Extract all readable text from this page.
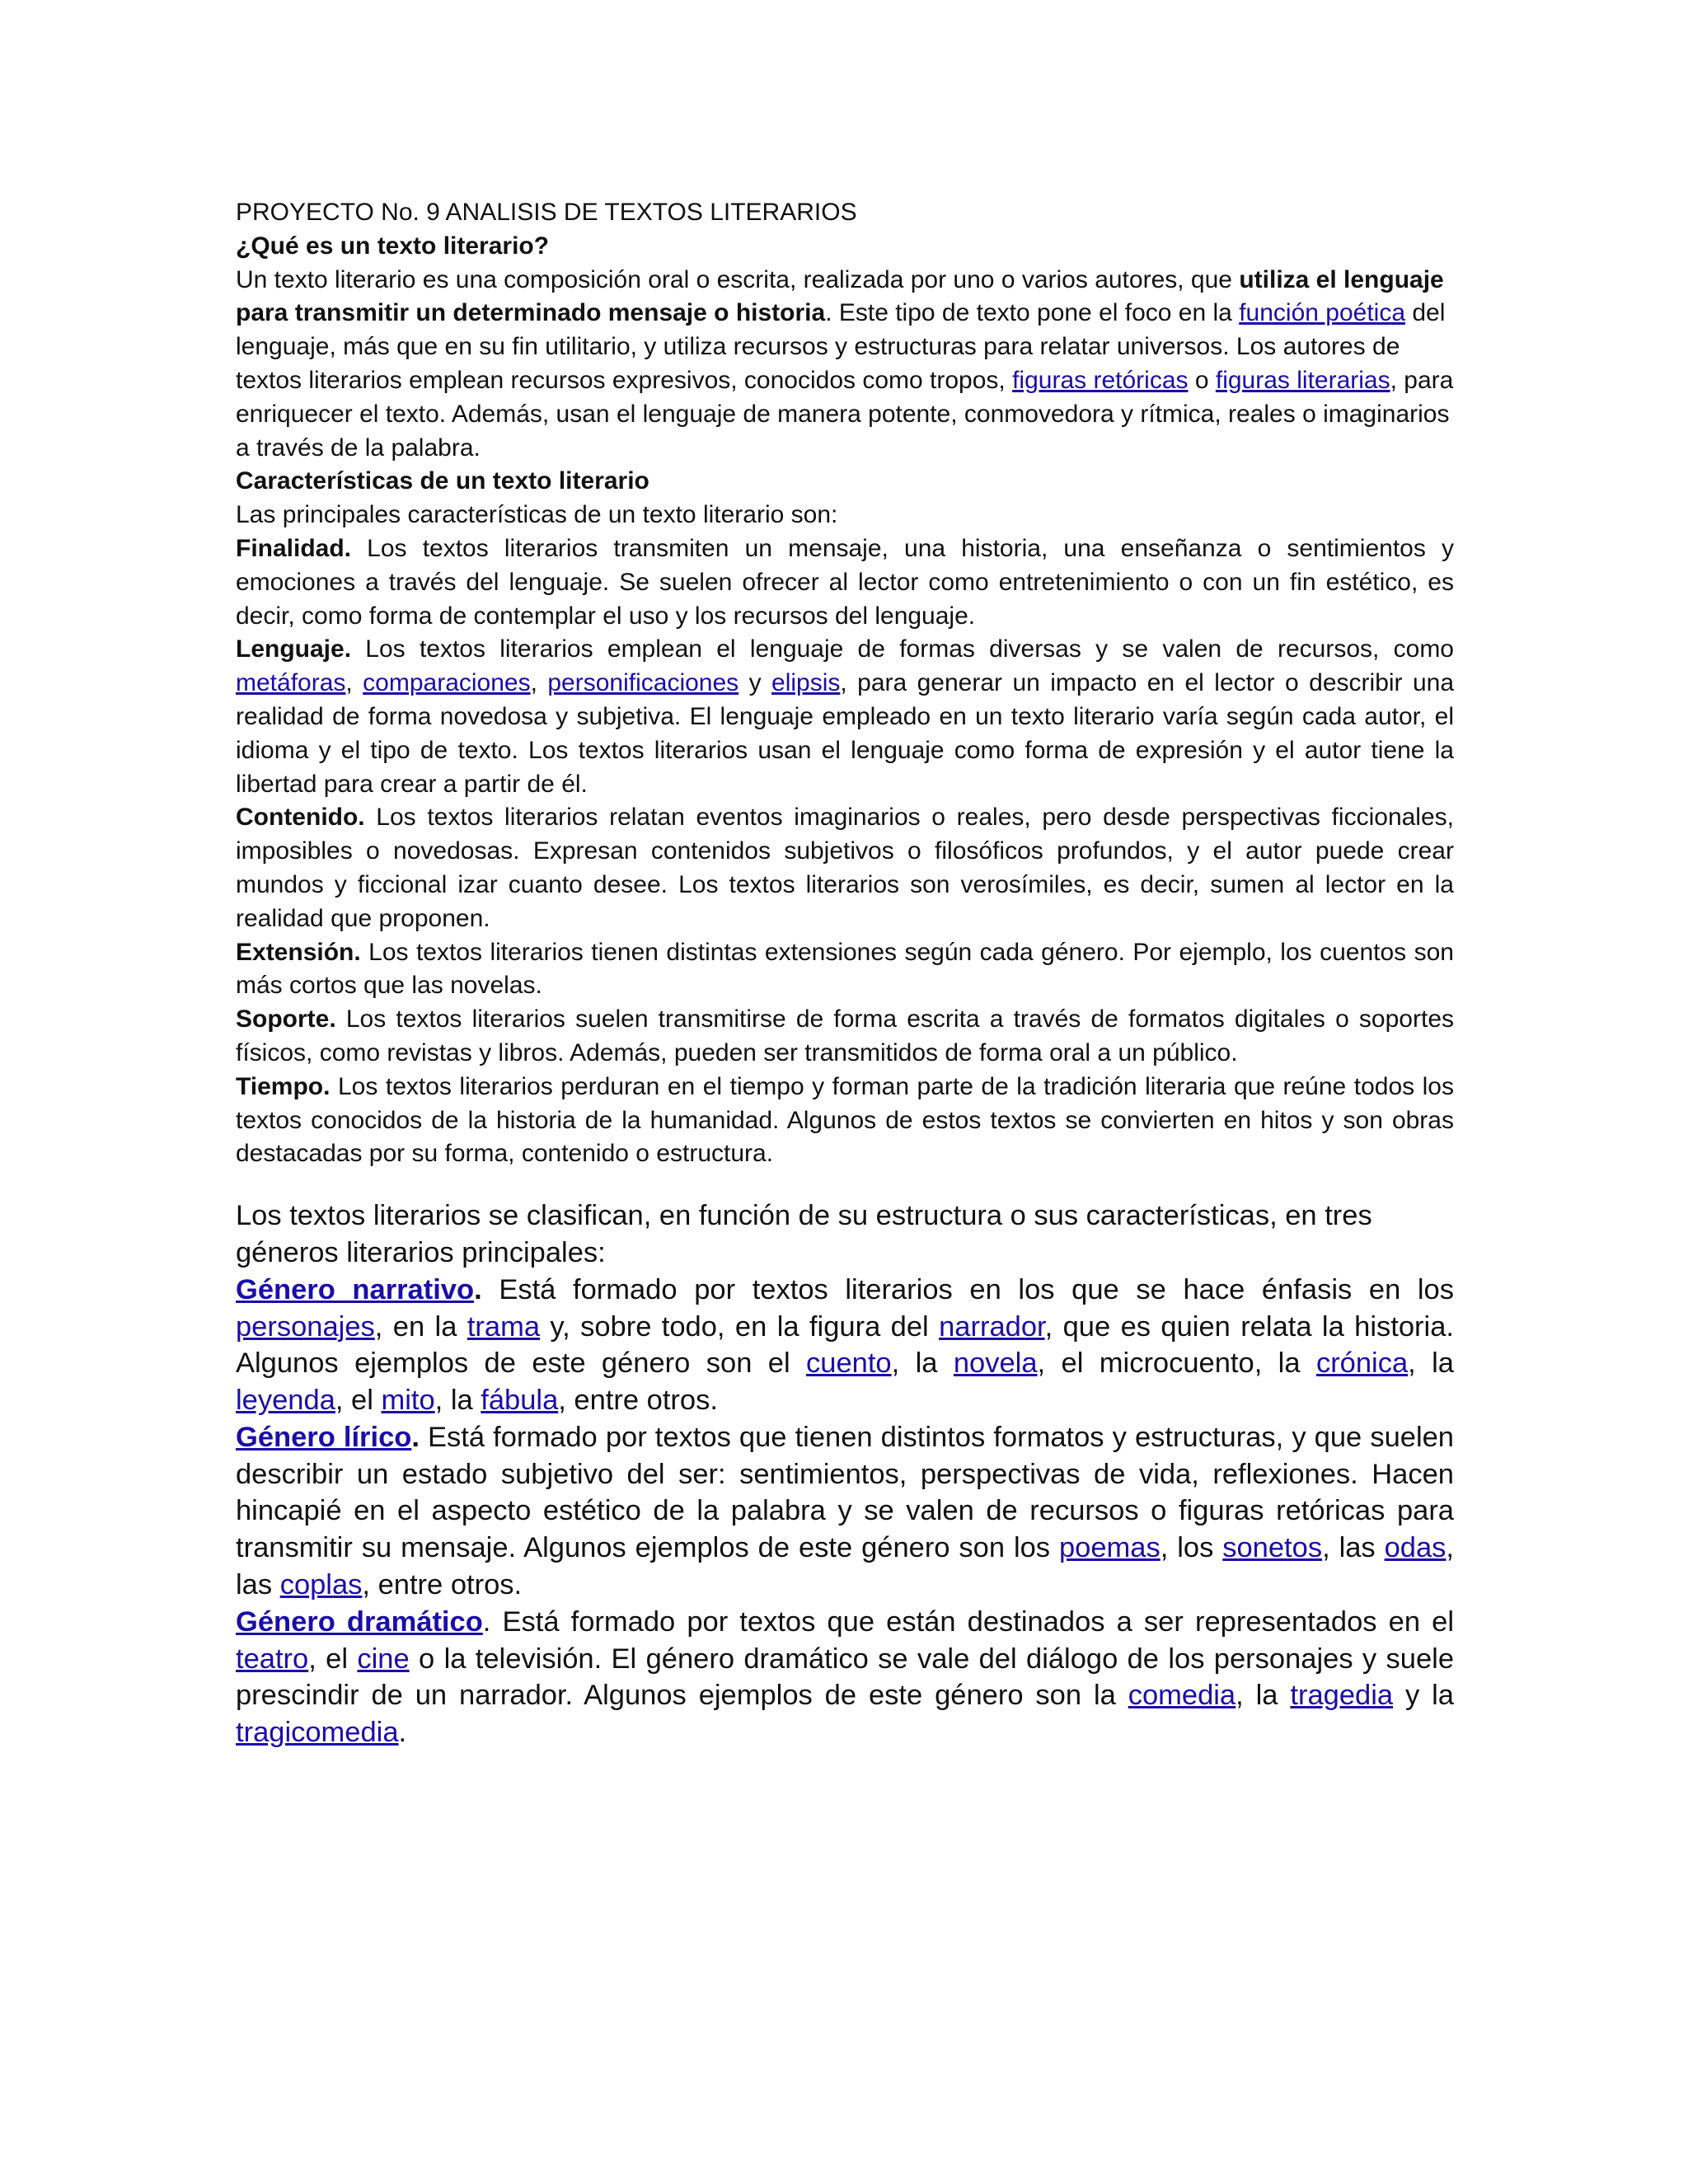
PROYECTO No. 9 ANALISIS DE TEXTOS LITERARIOS

¿Qué es un texto literario?

Un texto literario es una composición oral o escrita, realizada por uno o varios autores, que utiliza el lenguaje para transmitir un determinado mensaje o historia. Este tipo de texto pone el foco en la función poética del lenguaje, más que en su fin utilitario, y utiliza recursos y estructuras para relatar universos. Los autores de textos literarios emplean recursos expresivos, conocidos como tropos, figuras retóricas o figuras literarias, para enriquecer el texto. Además, usan el lenguaje de manera potente, conmovedora y rítmica, reales o imaginarios a través de la palabra.

Características de un texto literario

Las principales características de un texto literario son:

Finalidad. Los textos literarios transmiten un mensaje, una historia, una enseñanza o sentimientos y emociones a través del lenguaje. Se suelen ofrecer al lector como entretenimiento o con un fin estético, es decir, como forma de contemplar el uso y los recursos del lenguaje.

Lenguaje. Los textos literarios emplean el lenguaje de formas diversas y se valen de recursos, como metáforas, comparaciones, personificaciones y elipsis, para generar un impacto en el lector o describir una realidad de forma novedosa y subjetiva. El lenguaje empleado en un texto literario varía según cada autor, el idioma y el tipo de texto. Los textos literarios usan el lenguaje como forma de expresión y el autor tiene la libertad para crear a partir de él.

Contenido. Los textos literarios relatan eventos imaginarios o reales, pero desde perspectivas ficcionales, imposibles o novedosas. Expresan contenidos subjetivos o filosóficos profundos, y el autor puede crear mundos y ficcional izar cuanto desee. Los textos literarios son verosímiles, es decir, sumen al lector en la realidad que proponen.

Extensión. Los textos literarios tienen distintas extensiones según cada género. Por ejemplo, los cuentos son más cortos que las novelas.

Soporte. Los textos literarios suelen transmitirse de forma escrita a través de formatos digitales o soportes físicos, como revistas y libros. Además, pueden ser transmitidos de forma oral a un público.

Tiempo. Los textos literarios perduran en el tiempo y forman parte de la tradición literaria que reúne todos los textos conocidos de la historia de la humanidad. Algunos de estos textos se convierten en hitos y son obras destacadas por su forma, contenido o estructura.

Los textos literarios se clasifican, en función de su estructura o sus características, en tres géneros literarios principales:

Género narrativo. Está formado por textos literarios en los que se hace énfasis en los personajes, en la trama y, sobre todo, en la figura del narrador, que es quien relata la historia. Algunos ejemplos de este género son el cuento, la novela, el microcuento, la crónica, la leyenda, el mito, la fábula, entre otros.

Género lírico. Está formado por textos que tienen distintos formatos y estructuras, y que suelen describir un estado subjetivo del ser: sentimientos, perspectivas de vida, reflexiones. Hacen hincapié en el aspecto estético de la palabra y se valen de recursos o figuras retóricas para transmitir su mensaje. Algunos ejemplos de este género son los poemas, los sonetos, las odas, las coplas, entre otros.

Género dramático. Está formado por textos que están destinados a ser representados en el teatro, el cine o la televisión. El género dramático se vale del diálogo de los personajes y suele prescindir de un narrador. Algunos ejemplos de este género son la comedia, la tragedia y la tragicomedia.
